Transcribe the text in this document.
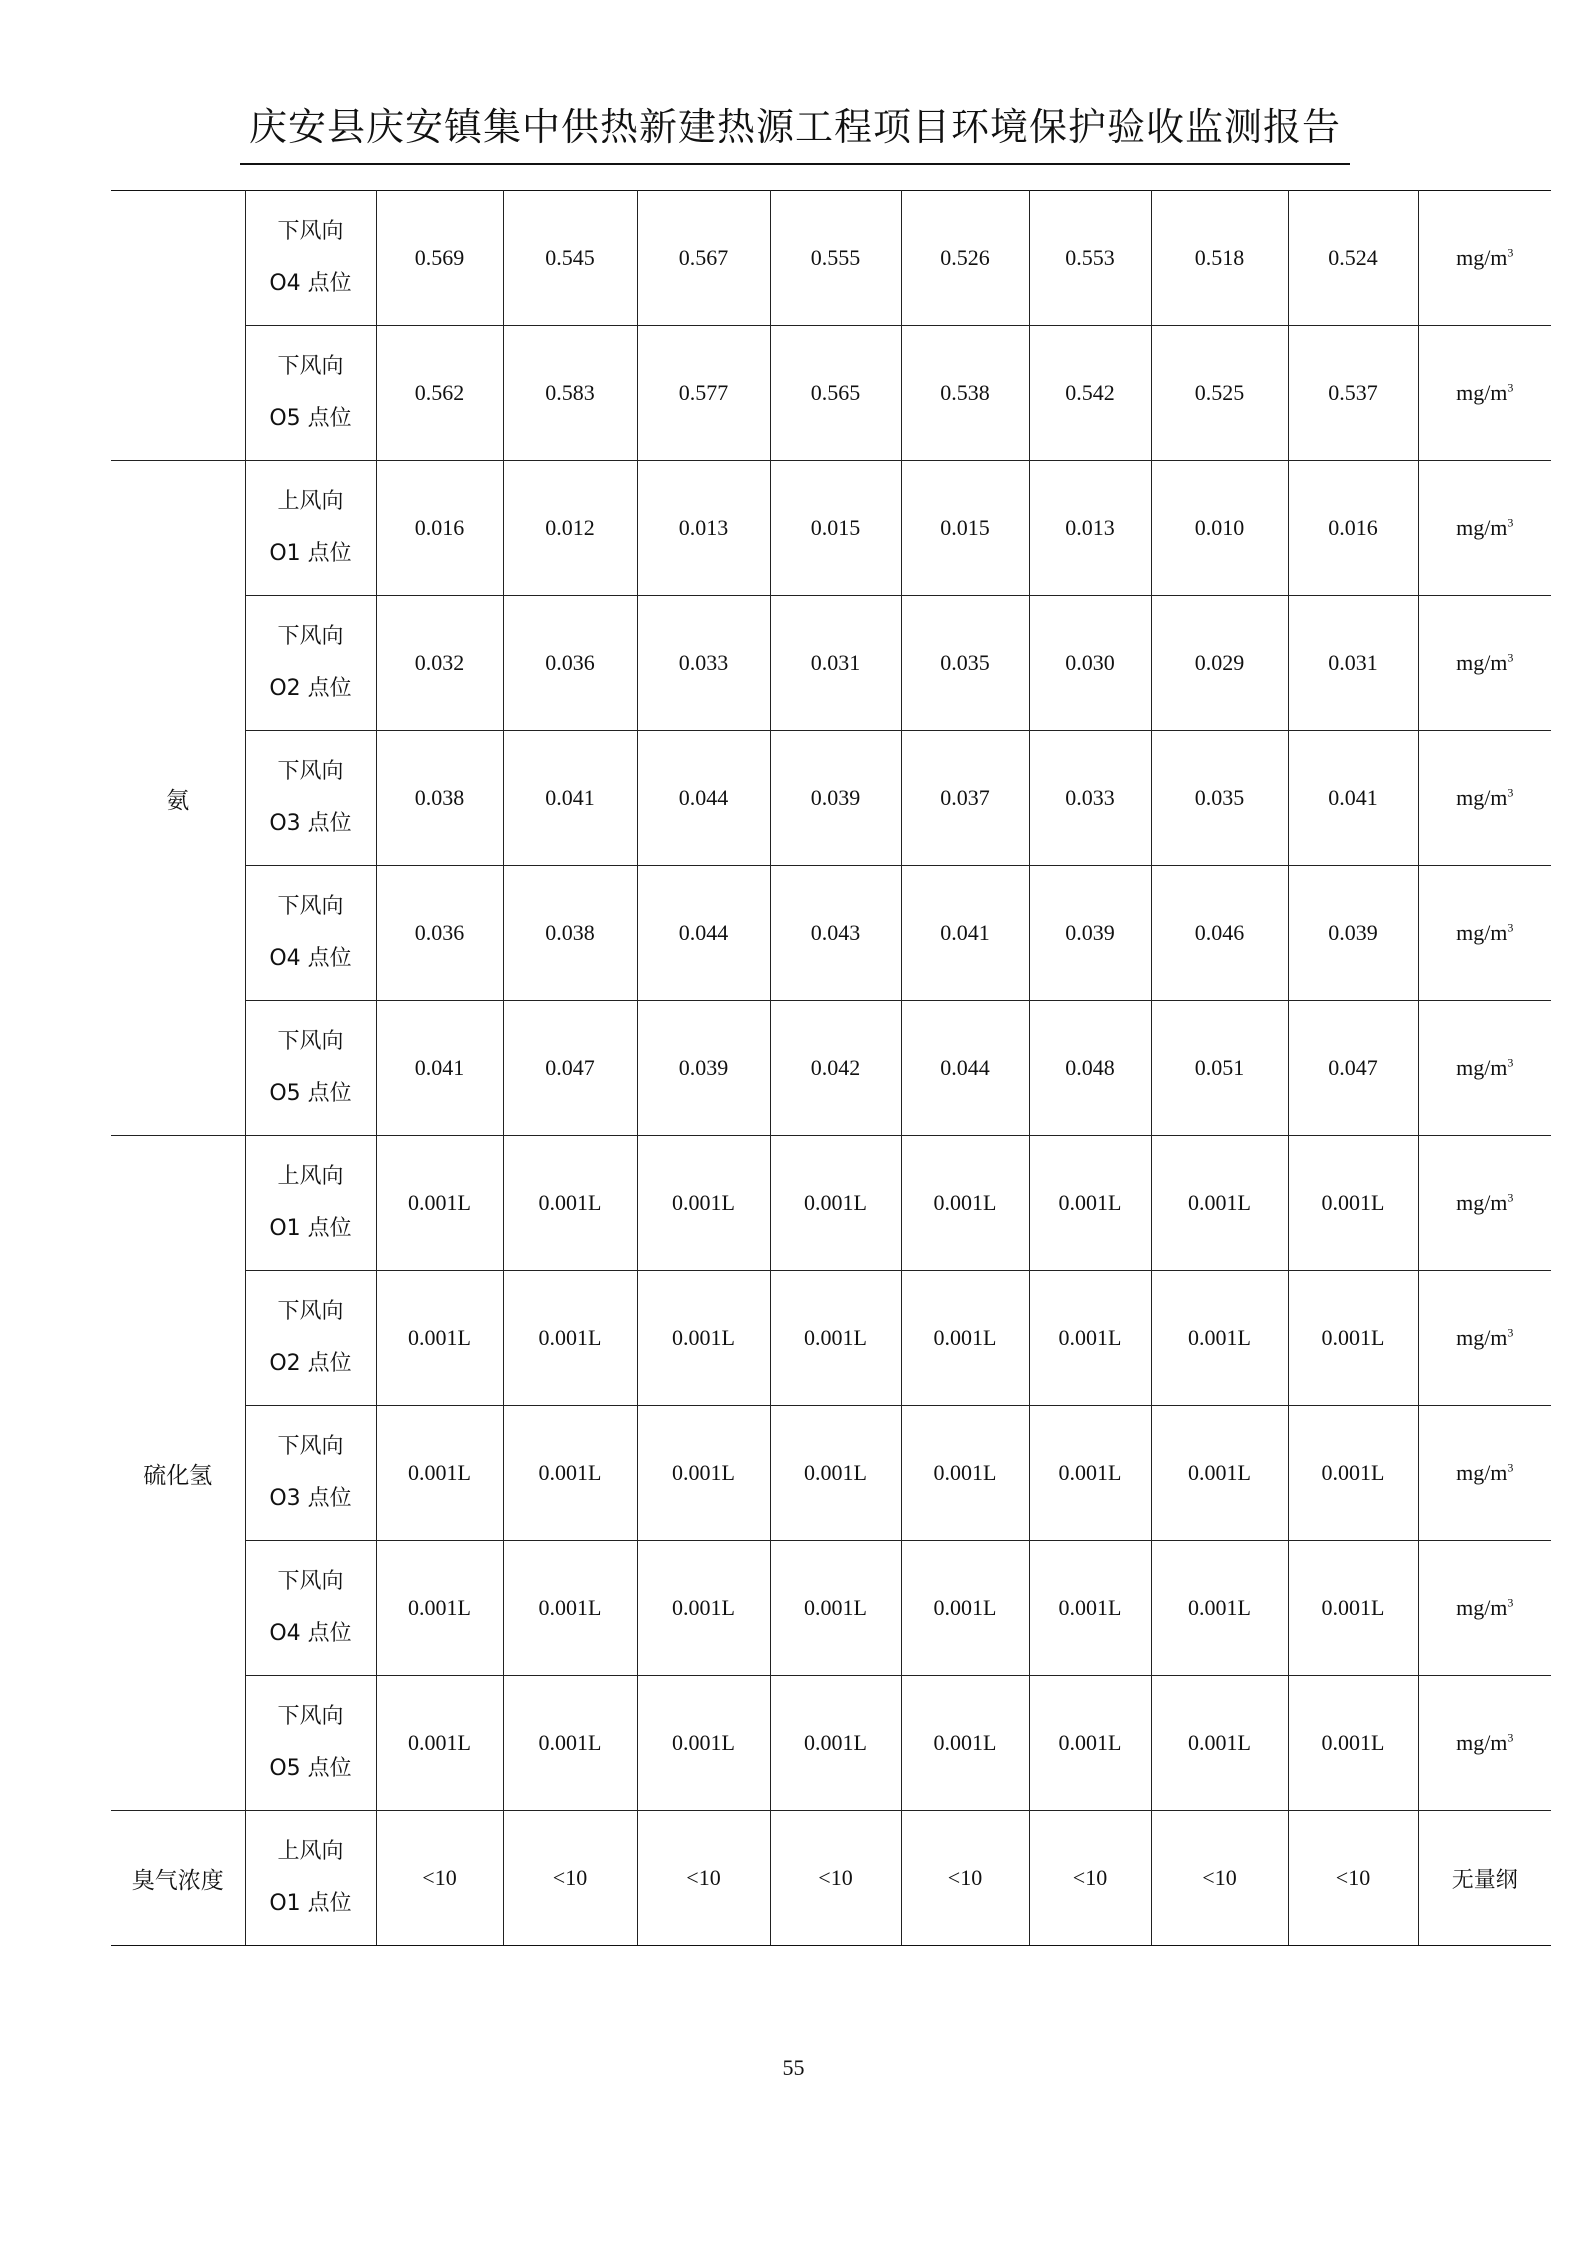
庆安县庆安镇集中供热新建热源工程项目环境保护验收监测报告

	下风向
O4 点位	0.569	0.545	0.567	0.555	0.526	0.553	0.518	0.524	$mg/m^3$

	下风向
O5 点位	0.562	0.583	0.577	0.565	0.538	0.542	0.525	0.537	$mg/m^3$
氨	上风向
O1 点位	0.016	0.012	0.013	0.015	0.015	0.013	0.010	0.016	$mg/m^3$

	下风向
O2 点位	0.032	0.036	0.033	0.031	0.035	0.030	0.029	0.031	$mg/m^3$

	下风向
O3 点位	0.038	0.041	0.044	0.039	0.037	0.033	0.035	0.041	$mg/m^3$

	下风向
O4 点位	0.036	0.038	0.044	0.043	0.041	0.039	0.046	0.039	$mg/m^3$

	下风向
O5 点位	0.041	0.047	0.039	0.042	0.044	0.048	0.051	0.047	$mg/m^3$
硫化氢	上风向
O1 点位	0.001L	0.001L	0.001L	0.001L	0.001L	0.001L	0.001L	0.001L	$mg/m^3$

	下风向
O2 点位	0.001L	0.001L	0.001L	0.001L	0.001L	0.001L	0.001L	0.001L	$mg/m^3$

	下风向
O3 点位	0.001L	0.001L	0.001L	0.001L	0.001L	0.001L	0.001L	0.001L	$mg/m^3$

	下风向
O4 点位	0.001L	0.001L	0.001L	0.001L	0.001L	0.001L	0.001L	0.001L	$mg/m^3$

	下风向
O5 点位	0.001L	0.001L	0.001L	0.001L	0.001L	0.001L	0.001L	0.001L	$mg/m^3$
臭气浓度	上风向
O1 点位	<10	<10	<10	<10	<10	<10	<10	<10	无量纲
55
